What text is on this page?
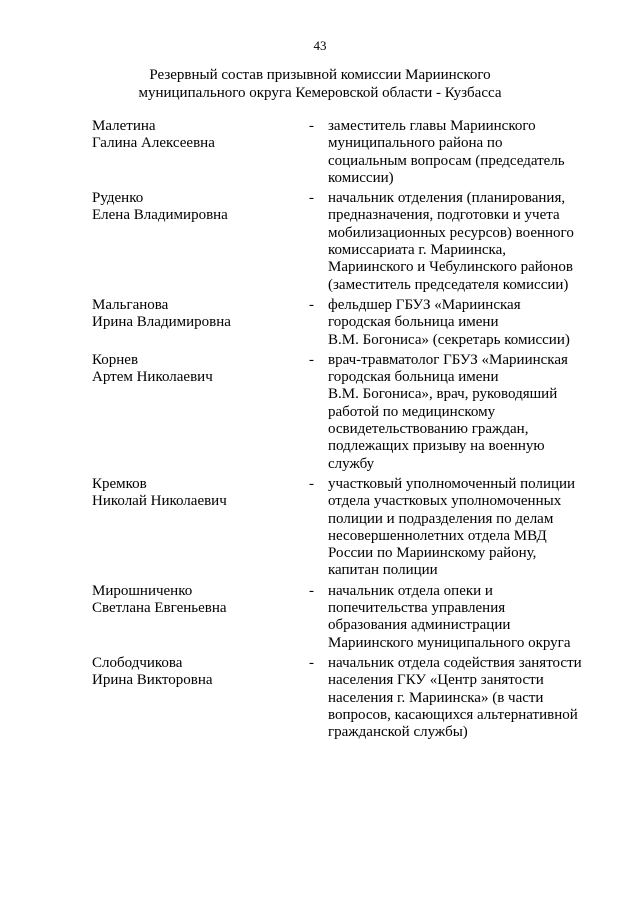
43
Резервный состав призывной комиссии Мариинского
муниципального округа Кемеровской области - Кузбасса
Малетина
Галина Алексеевна
- заместитель главы Мариинского
муниципального района по
социальным вопросам (председатель
комиссии)
Руденко
Елена Владимировна
- начальник отделения (планирования,
предназначения, подготовки и учета
мобилизационных ресурсов) военного
комиссариата г. Мариинска,
Мариинского и Чебулинского районов
(заместитель председателя комиссии)
Мальганова
Ирина Владимировна
- фельдшер ГБУЗ «Мариинская
городская больница имени
В.М. Богониса» (секретарь комиссии)
Корнев
Артем Николаевич
- врач-травматолог ГБУЗ «Мариинская
городская больница имени
В.М. Богониса», врач, руководяший
работой по медицинскому
освидетельствованию граждан,
подлежащих призыву на военную
службу
Кремков
Николай Николаевич
- участковый уполномоченный полиции
отдела участковых уполномоченных
полиции и подразделения по делам
несовершеннолетних отдела МВД
России по Мариинскому району,
капитан полиции
Мирошниченко
Светлана Евгеньевна
- начальник отдела опеки и
попечительства управления
образования администрации
Мариинского муниципального округа
Слободчикова
Ирина Викторовна
- начальник отдела содействия занятости
населения ГКУ «Центр занятости
населения г. Мариинска» (в части
вопросов, касающихся альтернативной
гражданской службы)
